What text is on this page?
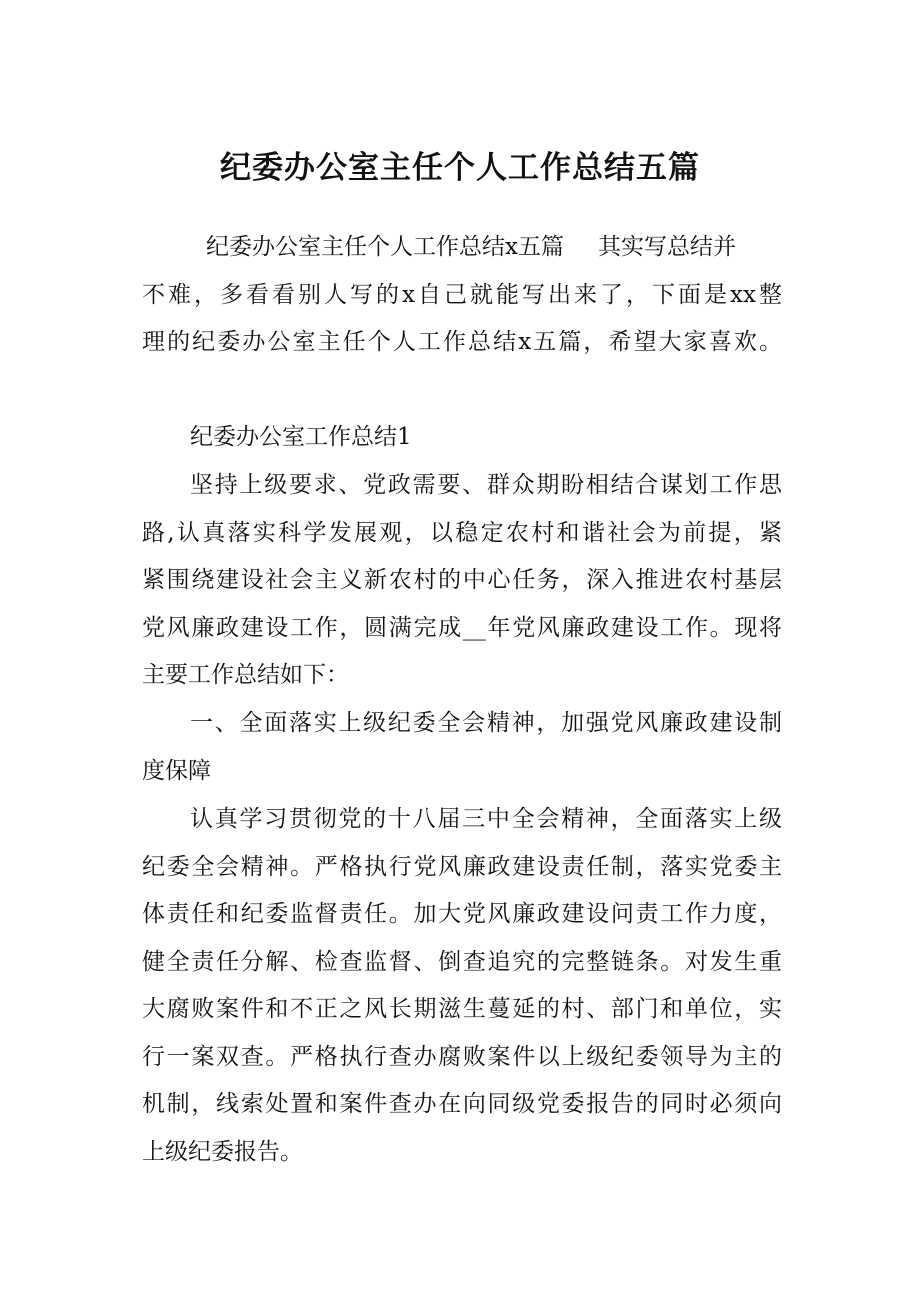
纪委办公室主任个人工作总结五篇
纪委办公室主任个人工作总结x五篇 其实写总结并
不难，多看看别人写的x自己就能写出来了，下面是xx整
理的纪委办公室主任个人工作总结x五篇，希望大家喜欢。
纪委办公室工作总结1
坚持上级要求、党政需要、群众期盼相结合谋划工作思
路,认真落实科学发展观，以稳定农村和谐社会为前提，紧
紧围绕建设社会主义新农村的中心任务，深入推进农村基层
党风廉政建设工作，圆满完成__年党风廉政建设工作。现将
主要工作总结如下：
一、全面落实上级纪委全会精神，加强党风廉政建设制
度保障
认真学习贯彻党的十八届三中全会精神，全面落实上级
纪委全会精神。严格执行党风廉政建设责任制，落实党委主
体责任和纪委监督责任。加大党风廉政建设问责工作力度，
健全责任分解、检查监督、倒查追究的完整链条。对发生重
大腐败案件和不正之风长期滋生蔓延的村、部门和单位，实
行一案双查。严格执行查办腐败案件以上级纪委领导为主的
机制，线索处置和案件查办在向同级党委报告的同时必须向
上级纪委报告。
